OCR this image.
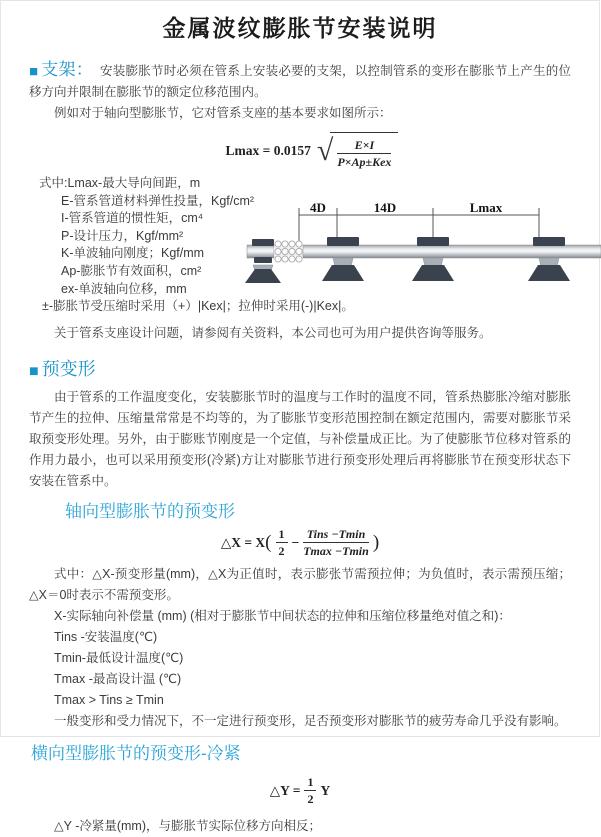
金属波纹膨胀节安装说明

■ 支架： 安装膨胀节时必须在管系上安装必要的支架，以控制管系的变形在膨胀节上产生的位移方向并限制在膨胀节的额定位移范围内。

例如对于轴向型膨胀节，它对管系支座的基本要求如图所示：

Lmax = 0.0157 √ $\frac{E\times I}{\text{P×Ap±Kex}}$
式中:Lmax-最大导向间距，m
E-管系管道材料弹性投量，Kgf/cm²
I-管系管道的惯性矩，cm⁴
P-设计压力，Kgf/mm²
K-单波轴向刚度；Kgf/mm
Ap-膨胀节有效面积，cm²
ex-单波轴向位移，mm
±-膨胀节受压缩时采用（+）|Kex|；拉伸时采用(-)|Kex|。
4D	14D	Lmax

关于管系支座设计问题，请参阅有关资料，本公司也可为用户提供咨询等服务。

■ 预变形

由于管系的工作温度变化，安装膨胀节时的温度与工作时的温度不同，管系热膨胀冷缩对膨胀节产生的拉伸、压缩量常常是不均等的，为了膨胀节变形范围控制在额定范围内，需要对膨胀节采取预变形处理。另外，由于膨账节刚度是一个定值，与补偿量成正比。为了使膨胀节位移对管系的作用力最小，也可以采用预变形(冷紧)方让对膨胀节进行预变形处理后再将膨胀节在预变形状态下安装在管系中。

轴向型膨胀节的预变形
△X = X ( 1
2
−
Tins −Tmin
Tmax −Tmin )

式中：△X-预变形量(mm)，△X为正值时，表示膨张节需预拉伸；为负值时，表示需预压缩；△X＝0时表示不需预变形。

X-实际轴向补偿量 (mm) (相对于膨胀节中间状态的拉伸和压缩位移量绝对值之和)：
Tins -安装温度(℃)
Tmin-最低设计温度(℃)
Tmax -最高设计温 (℃)
Tmax > Tins ≥ Tmin

一般变形和受力情况下，不一定进行预变形，足否预变形对膨胀节的疲劳寿命几乎没有影响。

横向型膨胀节的预变形-冷紧
△Y = $\frac{1}{2}$ Y
△Y -冷紧量(mm)，与膨胀节实际位移方向相反；
